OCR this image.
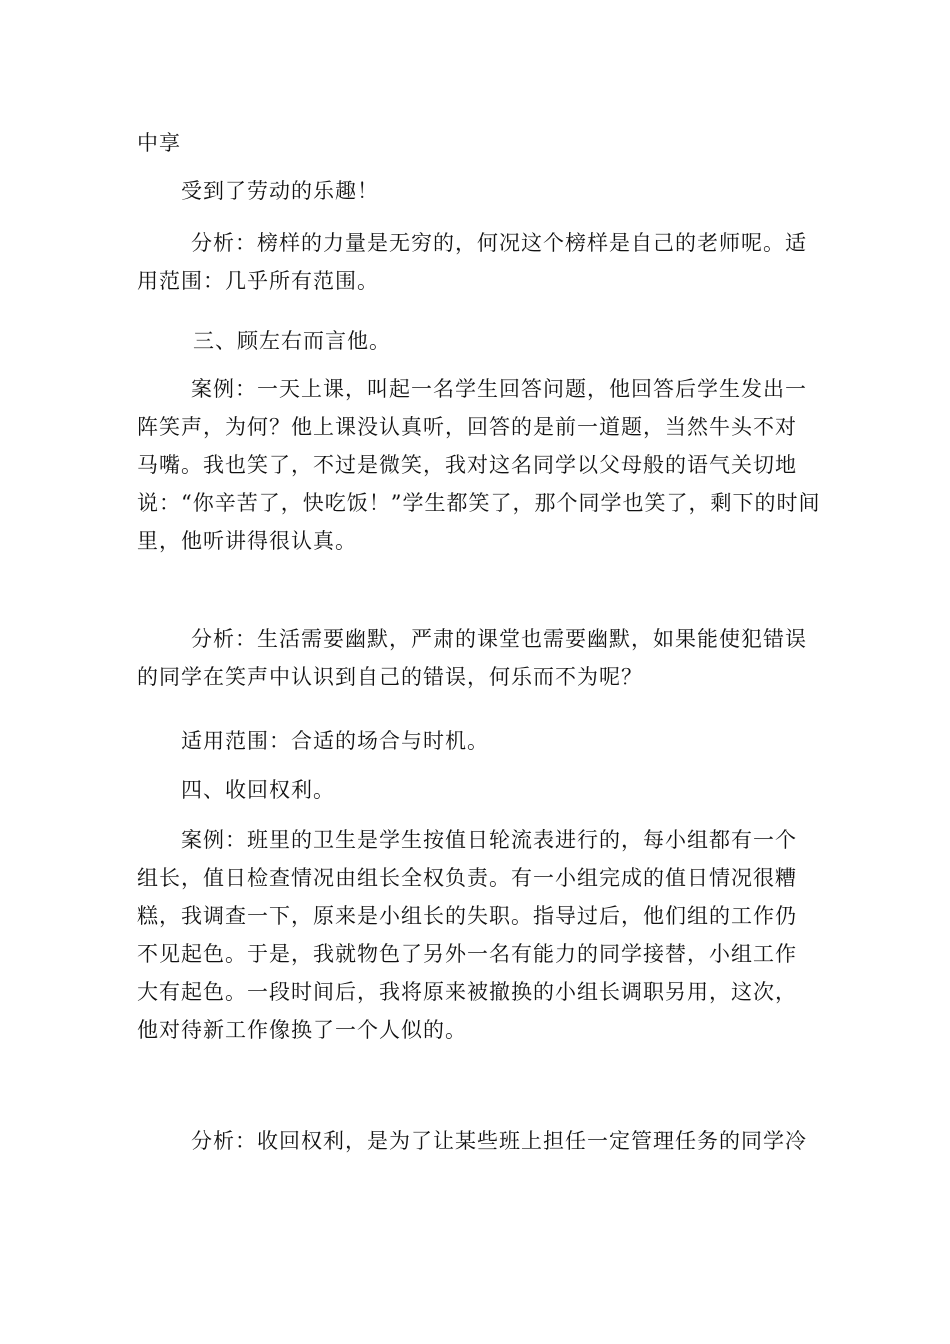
中享
受到了劳动的乐趣！
分析：榜样的力量是无穷的，何况这个榜样是自己的老师呢。适
用范围：几乎所有范围。
三、顾左右而言他。
案例：一天上课，叫起一名学生回答问题，他回答后学生发出一
阵笑声，为何？他上课没认真听，回答的是前一道题，当然牛头不对
马嘴。我也笑了，不过是微笑，我对这名同学以父母般的语气关切地
说：“你辛苦了，快吃饭！”学生都笑了，那个同学也笑了，剩下的时间
里，他听讲得很认真。
分析：生活需要幽默，严肃的课堂也需要幽默，如果能使犯错误
的同学在笑声中认识到自己的错误，何乐而不为呢？
适用范围：合适的场合与时机。
四、收回权利。
案例：班里的卫生是学生按值日轮流表进行的，每小组都有一个
组长，值日检查情况由组长全权负责。有一小组完成的值日情况很糟
糕，我调查一下，原来是小组长的失职。指导过后，他们组的工作仍
不见起色。于是，我就物色了另外一名有能力的同学接替，小组工作
大有起色。一段时间后，我将原来被撤换的小组长调职另用，这次，
他对待新工作像换了一个人似的。
分析：收回权利，是为了让某些班上担任一定管理任务的同学冷
